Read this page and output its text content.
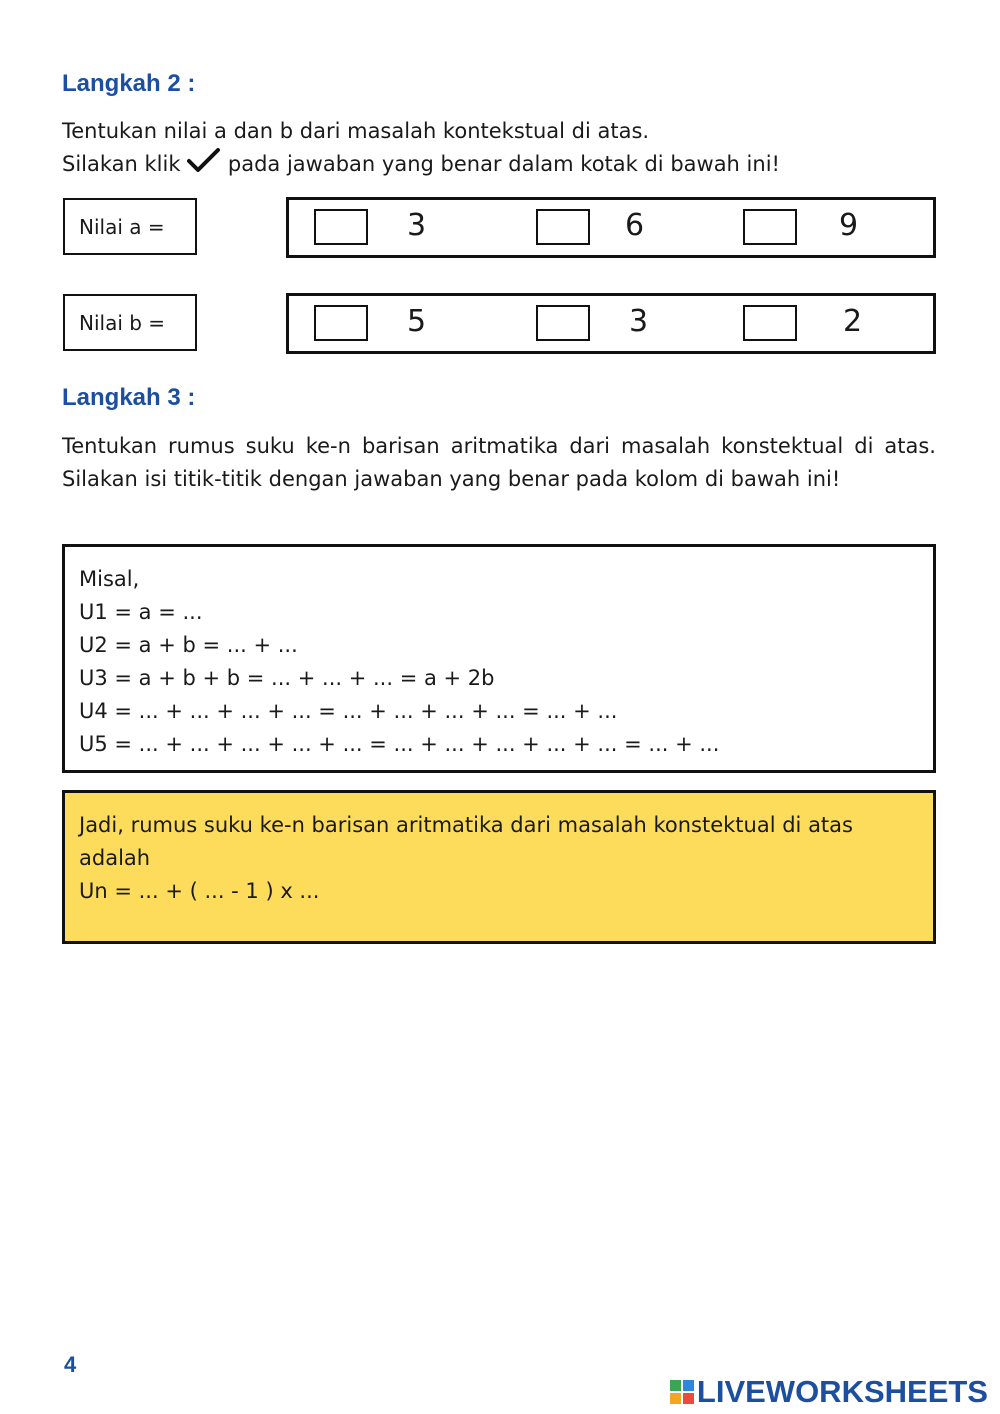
Langkah 2 :

Tentukan nilai a dan b dari masalah kontekstual di atas.

Silakan klik pada jawaban yang benar dalam kotak di bawah ini!

Nilai a =	3	6	9
Nilai b =	5	3	2
Langkah 3 :

Tentukan rumus suku ke-n barisan aritmatika dari masalah konstektual di atas. Silakan isi titik-titik dengan jawaban yang benar pada kolom di bawah ini!

Misal,
U1 = a = ...
U2 = a + b = ... + ...
U3 = a + b + b = ... + ... + ... = a + 2b
U4 = ... + ... + ... + ... = ... + ... + ... + ... = ... + ...
U5 = ... + ... + ... + ... + ... = ... + ... + ... + ... + ... = ... + ...
Jadi, rumus suku ke-n barisan aritmatika dari masalah konstektual di atas adalah
Un = ... + ( ... - 1 ) x ...
4
LIVEWORKSHEETS
